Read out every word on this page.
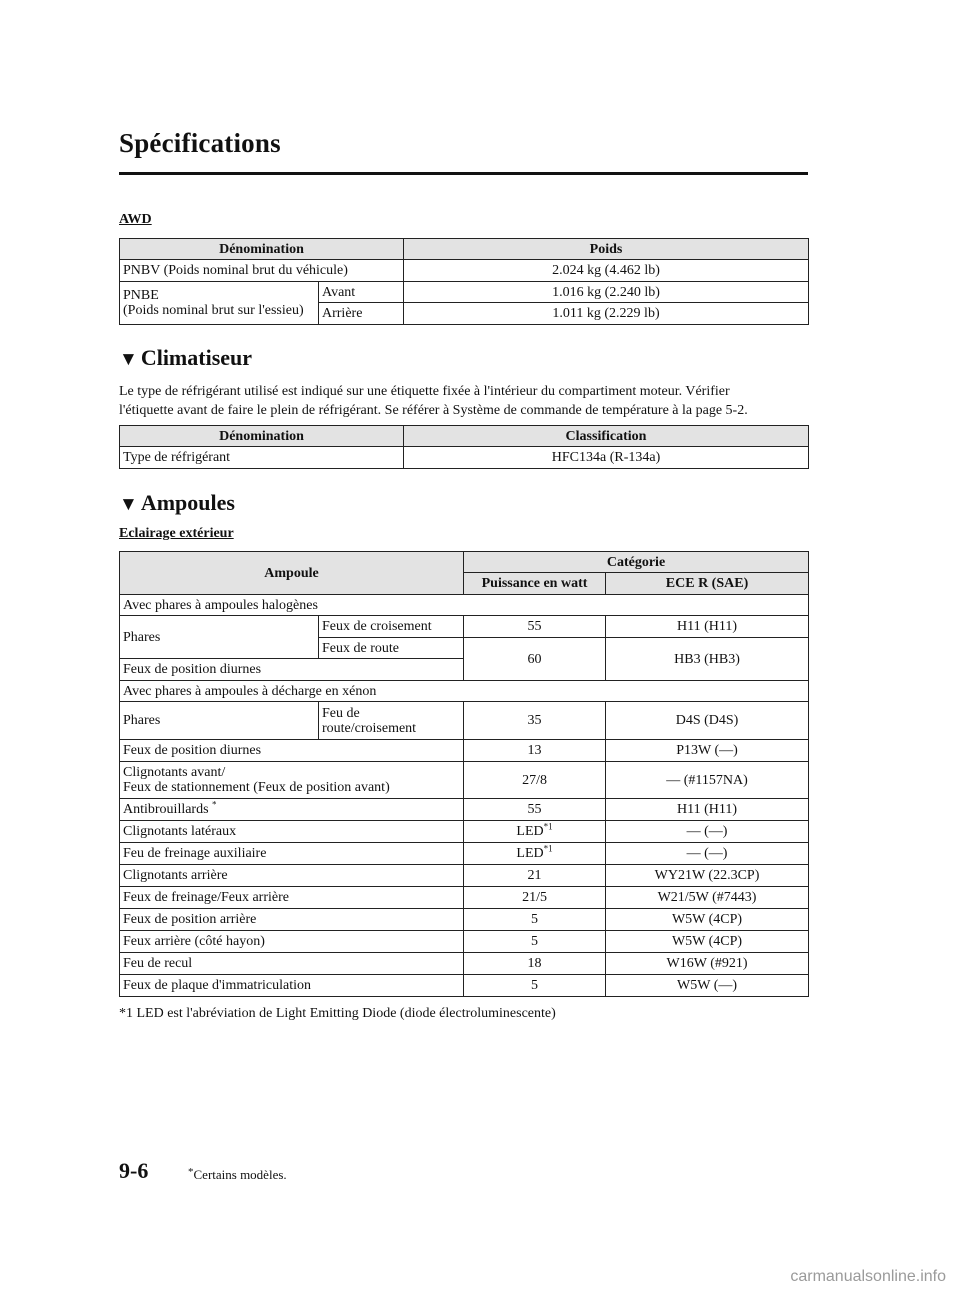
Spécifications
AWD
Dénomination		Poids
PNBV (Poids nominal brut du véhicule)		2.024 kg (4.462 lb)

PNBE
(Poids nominal brut sur l'essieu)	Avant	1.016 kg (2.240 lb)
	Arrière	1.011 kg (2.229 lb)
▼ Climatiseur
Le type de réfrigérant utilisé est indiqué sur une étiquette fixée à l'intérieur du compartiment moteur. Vérifier
l'étiquette avant de faire le plein de réfrigérant. Se référer à Système de commande de température à la page 5-2.
Dénomination	Classification
Type de réfrigérant	HFC134a (R-134a)
▼ Ampoules
Eclairage extérieur
Ampoule		Catégorie	
		Puissance en watt	ECE R (SAE)
Avec phares à ampoules halogènes			
Phares	Feux de croisement	55	H11 (H11)
	Feux de route	60	HB3 (HB3)
Feux de position diurnes			
Avec phares à ampoules à décharge en xénon			
Phares	Feu de
route/croisement	35	D4S (D4S)
Feux de position diurnes		13	P13W (―)

Clignotants avant/
Feux de stationnement (Feux de position avant)		27/8	― (#1157NA)
Antibrouillards *		55	H11 (H11)
Clignotants latéraux		LED$^{*1}$	― (―)
Feu de freinage auxiliaire		LED$^{*1}$	― (―)
Clignotants arrière		21	WY21W (22.3CP)
Feux de freinage/Feux arrière		21/5	W21/5W (#7443)
Feux de position arrière		5	W5W (4CP)
Feux arrière (côté hayon)		5	W5W (4CP)
Feu de recul		18	W16W (#921)
Feux de plaque d'immatriculation		5	W5W (―)
*1 LED est l'abréviation de Light Emitting Diode (diode électroluminescente)
9-6	*Certains modèles.
carmanualsonline.info
